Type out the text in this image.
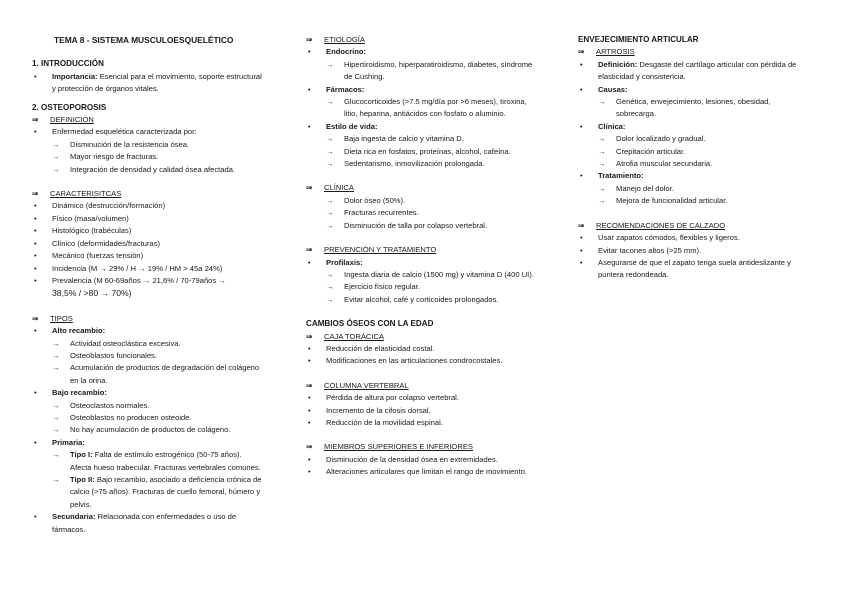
TEMA 8 - SISTEMA MUSCULOESQUELÉTICO
1. INTRODUCCIÓN
•	Importancia: Esencial para el movimiento, soporte estructural y protección de órganos vitales.
2. OSTEOPOROSIS
⇒	DEFINICIÓN
•	Enfermedad esquelética caracterizada por:
→	Disminución de la resistencia ósea.
→	Mayor riesgo de fracturas.
→	Integración de densidad y calidad ósea afectada.
⇒	CARACTERISITCAS
•	Dinámico (destrucción/formación)
•	Físico (masa/volumen)
•	Histológico (trabéculas)
•	Clínico (deformidades/fracturas)
•	Mecánico (fuerzas tensión)
•	Incidencia (M → 29% / H → 19% / HM > 45a 24%)
•	Prevalencia (M 60-69años → 21,6% / 70-79años →
38,5% / >80 → 70%)
⇒	TIPOS
•	Alto recambio:
→	Actividad osteoclástica excesiva.
→	Osteoblastos funcionales.
→	Acumulación de productos de degradación del colágeno en la orina.
•	Bajo recambio:
→	Osteoclastos normales.
→	Osteoblastos no producen osteoide.
→	No hay acumulación de productos de colágeno.
•	Primaria:
→	Tipo I: Falta de estímulo estrogénico (50-75 años). Afecta hueso trabecular. Fracturas vertebrales comunes.
→	Tipo II: Bajo recambio, asociado a deficiencia crónica de calcio (>75 años). Fracturas de cuello femoral, húmero y pelvis.
•	Secundaria: Relacionada con enfermedades o uso de fármacos.
⇒	ETIOLOGÍA
•	Endocrino:
→	Hipertiroidismo, hiperparatiroidismo, diabetes, síndrome de Cushing.
•	Fármacos:
→	Glucocorticoides (>7.5 mg/día por >6 meses), tiroxina, litio, heparina, antiácidos con fosfato o aluminio.
•	Estilo de vida:
→	Baja ingesta de calcio y vitamina D.
→	Dieta rica en fosfatos, proteínas, alcohol, cafeína.
→	Sedentarismo, inmovilización prolongada.
⇒	CLÍNICA
→	Dolor óseo (50%).
→	Fracturas recurrentes.
→	Disminución de talla por colapso vertebral.
⇒	PREVENCIÓN Y TRATAMIENTO
•	Profilaxis:
→	Ingesta diaria de calcio (1500 mg) y vitamina D (400 UI).
→	Ejercicio físico regular.
→	Evitar alcohol, café y corticoides prolongados.
CAMBIOS ÓSEOS CON LA EDAD
⇒	CAJA TORÁCICA
•	Reducción de elasticidad costal.
•	Modificaciones en las articulaciones condrocostales.
⇒	COLUMNA VERTEBRAL
•	Pérdida de altura por colapso vertebral.
•	Incremento de la cifosis dorsal.
•	Reducción de la movilidad espinal.
⇒	MIEMBROS SUPERIORES E INFERIORES
•	Disminución de la densidad ósea en extremidades.
•	Alteraciones articulares que limitan el rango de movimiento.
ENVEJECIMIENTO ARTICULAR
⇒	ARTROSIS
•	Definición: Desgaste del cartílago articular con pérdida de elasticidad y consistencia.
•	Causas:
→	Genética, envejecimiento, lesiones, obesidad, sobrecarga.
•	Clínica:
→	Dolor localizado y gradual.
→	Crepitación articular.
→	Atrofia muscular secundaria.
•	Tratamiento:
→	Manejo del dolor.
→	Mejora de funcionalidad articular.
⇒	RECOMENDACIONES DE CALZADO
•	Usar zapatos cómodos, flexibles y ligeros.
•	Evitar tacones altos (>25 mm).
•	Asegurarse de que el zapato tenga suela antideslizante y puntera redondeada.
